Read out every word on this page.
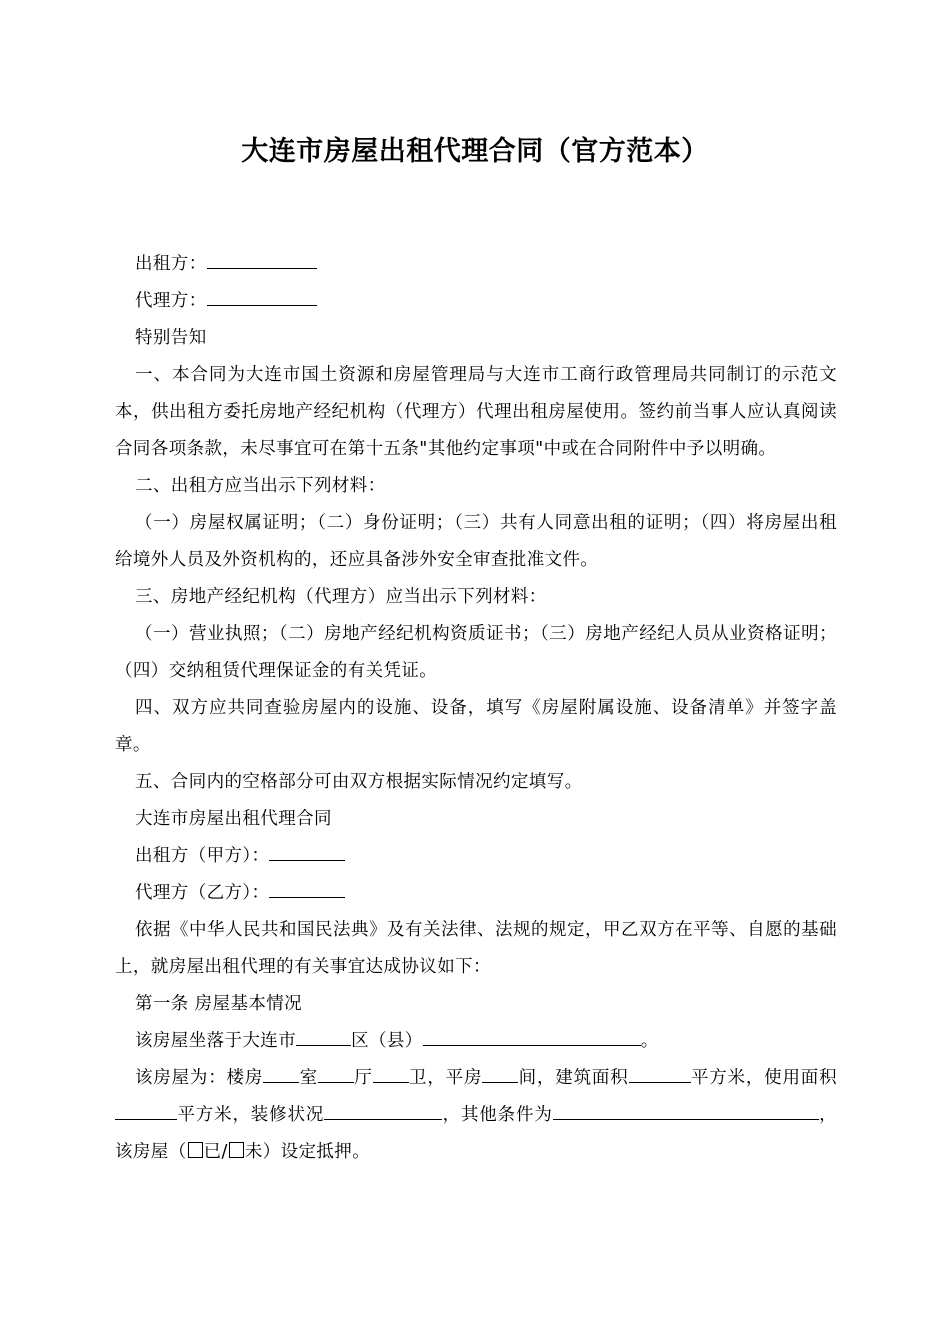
大连市房屋出租代理合同（官方范本）

出租方：

代理方：

特别告知

一、本合同为大连市国土资源和房屋管理局与大连市工商行政管理局共同制订的示范文本，供出租方委托房地产经纪机构（代理方）代理出租房屋使用。签约前当事人应认真阅读合同各项条款，未尽事宜可在第十五条"其他约定事项"中或在合同附件中予以明确。

二、出租方应当出示下列材料：

（一）房屋权属证明；（二）身份证明；（三）共有人同意出租的证明；（四）将房屋出租给境外人员及外资机构的，还应具备涉外安全审查批准文件。

三、房地产经纪机构（代理方）应当出示下列材料：

（一）营业执照；（二）房地产经纪机构资质证书；（三）房地产经纪人员从业资格证明；（四）交纳租赁代理保证金的有关凭证。

四、双方应共同查验房屋内的设施、设备，填写《房屋附属设施、设备清单》并签字盖章。

五、合同内的空格部分可由双方根据实际情况约定填写。

大连市房屋出租代理合同

出租方（甲方）：

代理方（乙方）：

依据《中华人民共和国民法典》及有关法律、法规的规定，甲乙双方在平等、自愿的基础上，就房屋出租代理的有关事宜达成协议如下：

第一条 房屋基本情况

该房屋坐落于大连市	区（县）	。

该房屋为：楼房 室 厅 卫，平房 间，建筑面积	平方米，使用面积平方米，装修状况	，其他条件为	，该房屋（ 已/ 未）设定抵押。
